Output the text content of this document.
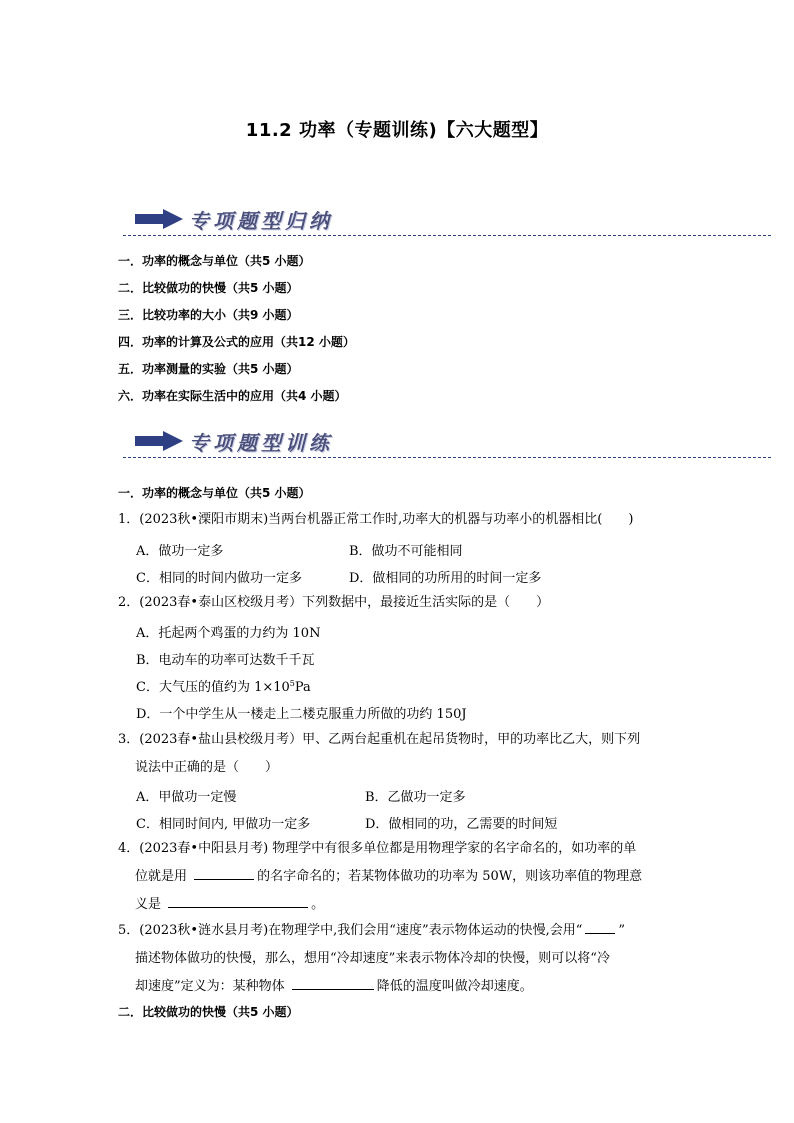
11.2 功率（专题训练)【六大题型】
专项题型归纳
一．功率的概念与单位（共5 小题）
二．比较做功的快慢（共5 小题）
三．比较功率的大小（共9 小题）
四．功率的计算及公式的应用（共12 小题）
五．功率测量的实验（共5 小题）
六．功率在实际生活中的应用（共4 小题）
专项题型训练
一．功率的概念与单位（共5 小题）
1．(2023秋•溧阳市期末)当两台机器正常工作时,功率大的机器与功率小的机器相比(　　)
A．做功一定多	B．做功不可能相同
C．相同的时间内做功一定多	D．做相同的功所用的时间一定多
2．(2023春•泰山区校级月考）下列数据中，最接近生活实际的是（　　）
A．托起两个鸡蛋的力约为 10N
B．电动车的功率可达数千千瓦
C．大气压的值约为 $1\times 10^5Pa$
D．一个中学生从一楼走上二楼克服重力所做的功约 150J
3．(2023春•盐山县校级月考）甲、乙两台起重机在起吊货物时，甲的功率比乙大，则下列
说法中正确的是（　　）
A．甲做功一定慢	B．乙做功一定多
C．相同时间内, 甲做功一定多	D．做相同的功，乙需要的时间短
4．(2023春•中阳县月考) 物理学中有很多单位都是用物理学家的名字命名的，如功率的单
位就是用	的名字命名的；若某物体做功的功率为 50W，则该功率值的物理意
义是	。
5．(2023秋•涟水县月考)在物理学中,我们会用“速度”表示物体运动的快慢,会用“	”
描述物体做功的快慢，那么，想用“冷却速度”来表示物体冷却的快慢，则可以将“冷
却速度”定义为：某种物体	降低的温度叫做冷却速度。
二．比较做功的快慢（共5 小题）
